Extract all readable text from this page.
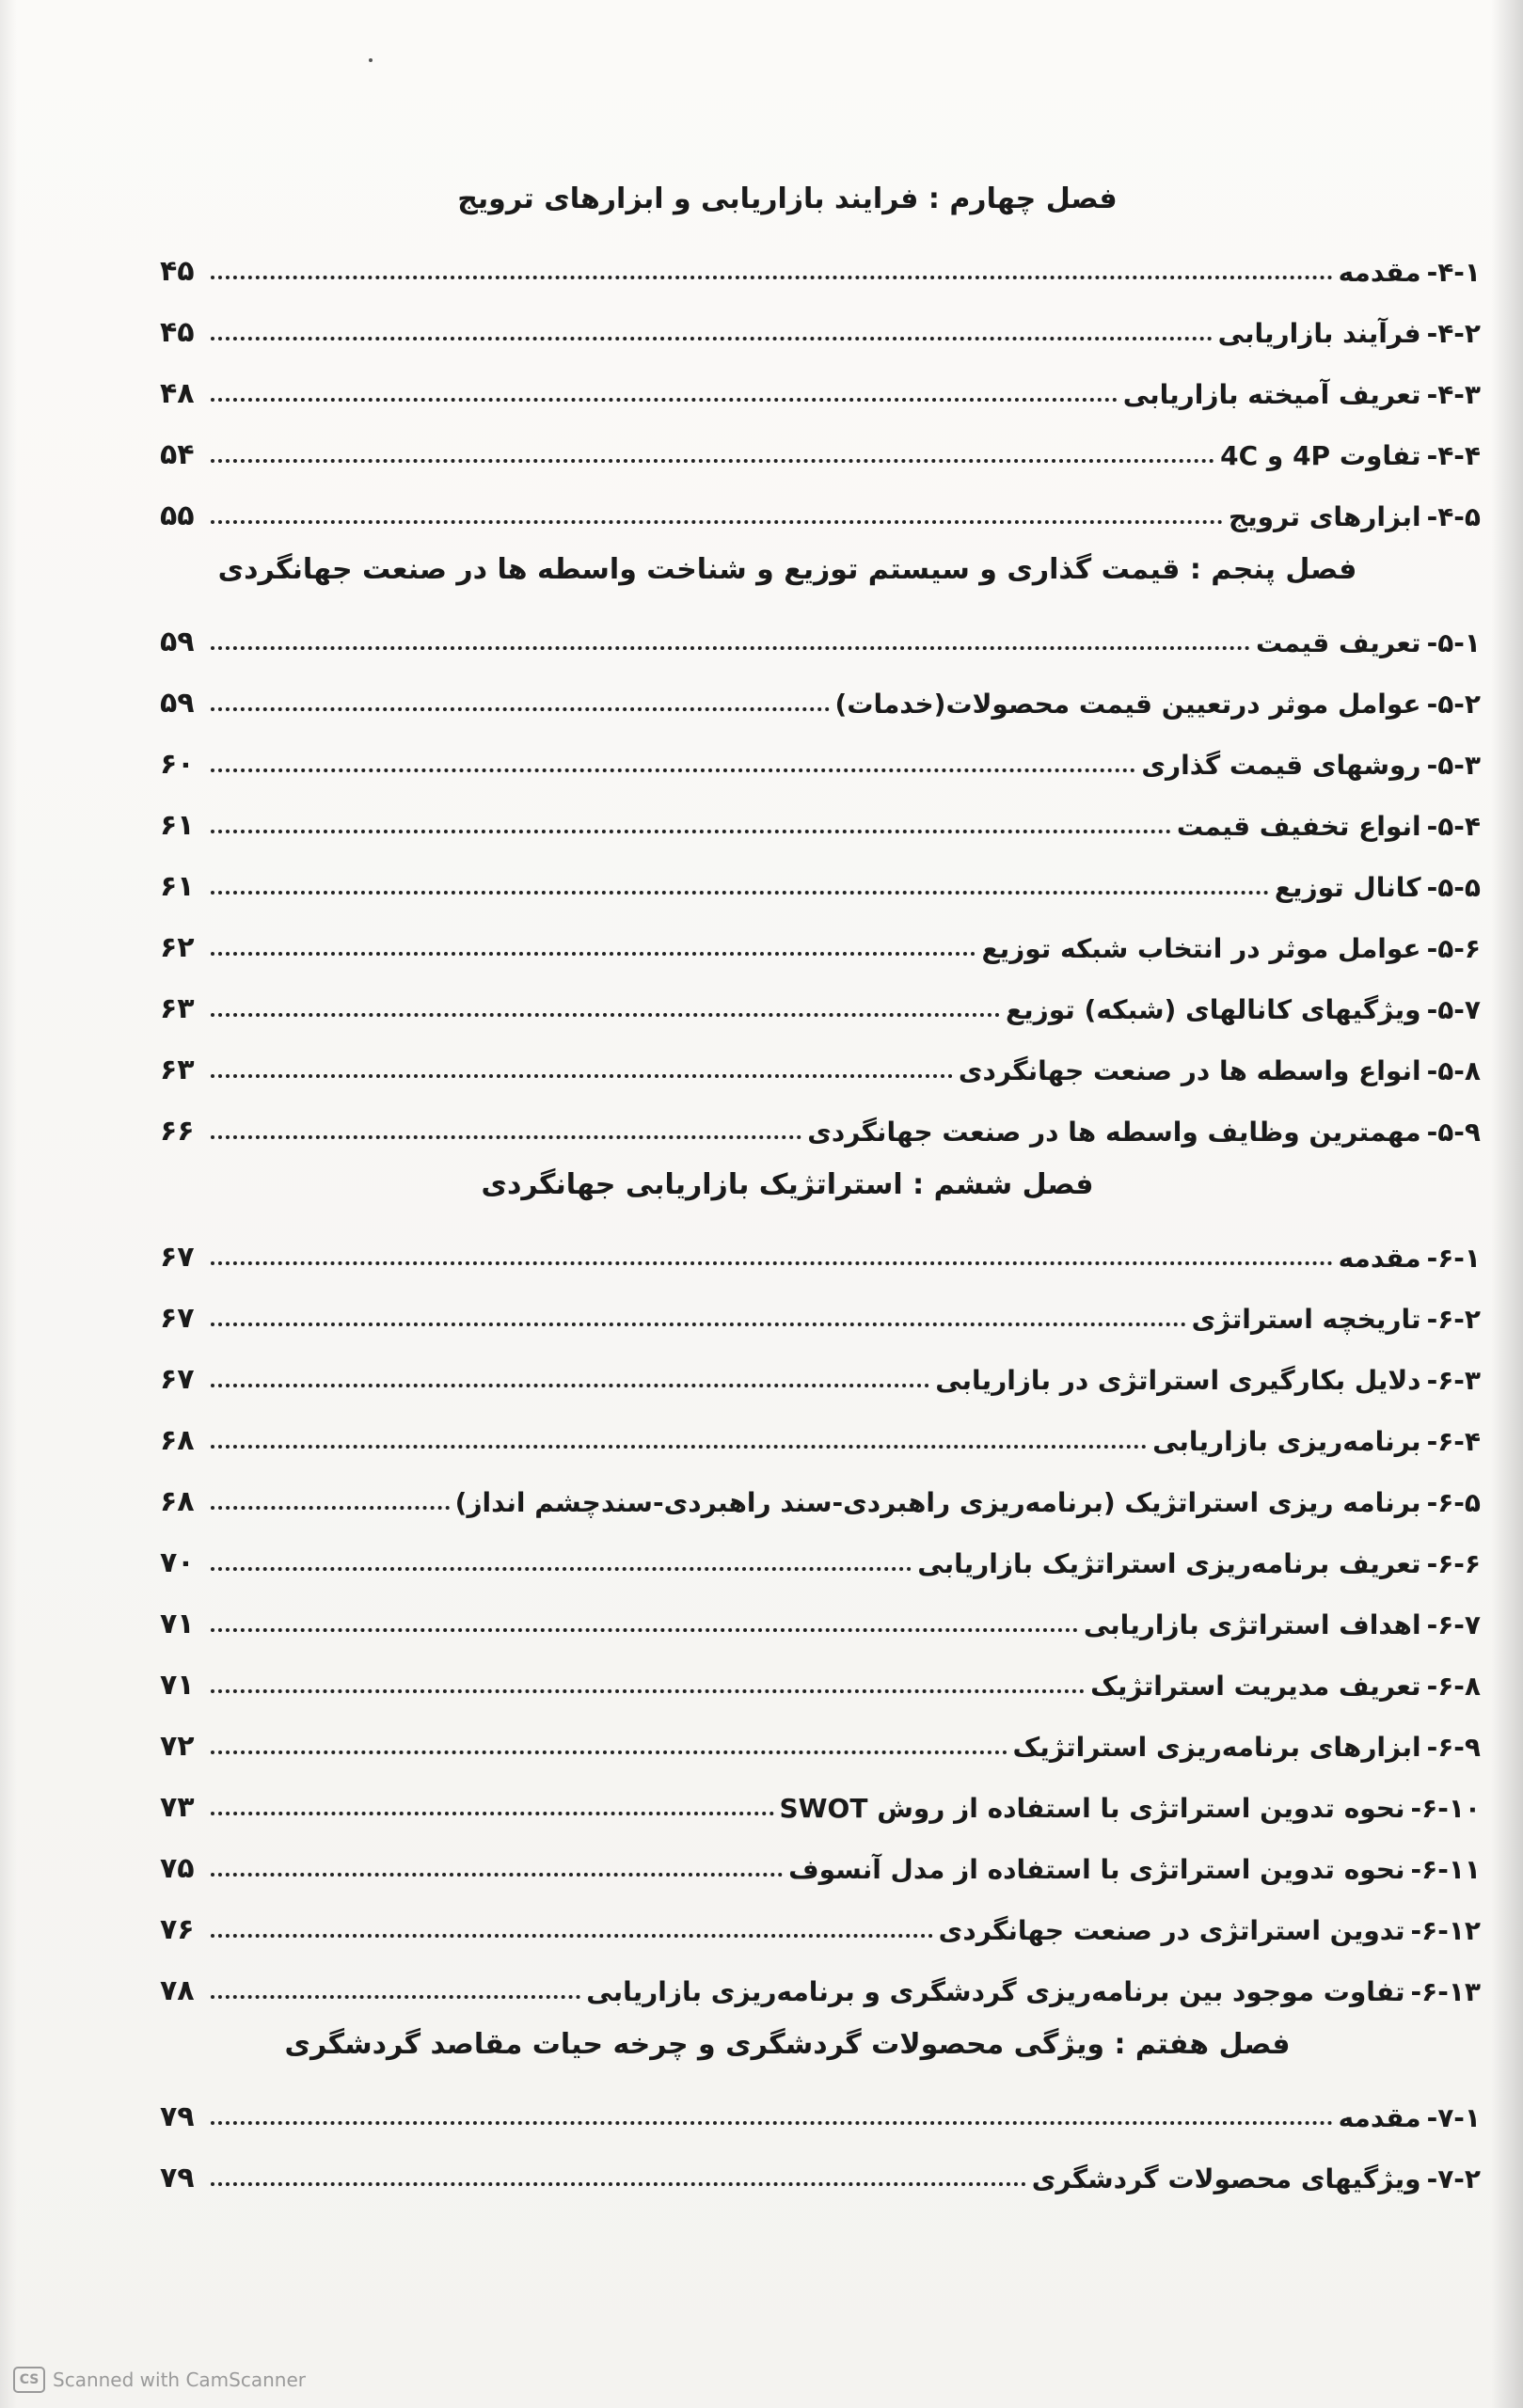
فصل چهارم : فرایند بازاریابی و ابزارهای ترویج
۴-۱-
مقدمه
۴۵
۴-۲-
فرآیند بازاریابی
۴۵
۴-۳-
تعریف آمیخته بازاریابی
۴۸
۴-۴-
تفاوت 4P و 4C
۵۴
۴-۵-
ابزارهای ترویج
۵۵
فصل پنجم : قیمت گذاری و سیستم توزیع و شناخت واسطه ها در صنعت جهانگردی
۵-۱-
تعریف قیمت
۵۹
۵-۲-
عوامل موثر درتعیین قیمت محصولات(خدمات)
۵۹
۵-۳-
روشهای قیمت گذاری
۶۰
۵-۴-
انواع تخفیف قیمت
۶۱
۵-۵-
کانال توزیع
۶۱
۵-۶-
عوامل موثر در انتخاب شبکه توزیع
۶۲
۵-۷-
ویژگیهای کانالهای (شبکه) توزیع
۶۳
۵-۸-
انواع واسطه ها در صنعت جهانگردی
۶۳
۵-۹-
مهمترین وظایف واسطه ها در صنعت جهانگردی
۶۶
فصل ششم : استراتژیک بازاریابی جهانگردی
۶-۱-
مقدمه
۶۷
۶-۲-
تاریخچه استراتژی
۶۷
۶-۳-
دلایل بکارگیری استراتژی در بازاریابی
۶۷
۶-۴-
برنامه‌ریزی بازاریابی
۶۸
۶-۵-
برنامه ریزی استراتژیک (برنامه‌ریزی راهبردی-سند راهبردی-سندچشم انداز)
۶۸
۶-۶-
تعریف برنامه‌ریزی استراتژیک بازاریابی
۷۰
۶-۷-
اهداف استراتژی بازاریابی
۷۱
۶-۸-
تعریف مدیریت استراتژیک
۷۱
۶-۹-
ابزارهای برنامه‌ریزی استراتژیک
۷۲
۶-۱۰-
نحوه تدوین استراتژی با استفاده از روش SWOT
۷۳
۶-۱۱-
نحوه تدوین استراتژی با استفاده از مدل آنسوف
۷۵
۶-۱۲-
تدوین استراتژی در صنعت جهانگردی
۷۶
۶-۱۳-
تفاوت موجود بین برنامه‌ریزی گردشگری و برنامه‌ریزی بازاریابی
۷۸
فصل هفتم : ویژگی محصولات گردشگری و چرخه حیات مقاصد گردشگری
۷-۱-
مقدمه
۷۹
۷-۲-
ویژگیهای محصولات گردشگری
۷۹
CS Scanned with CamScanner
